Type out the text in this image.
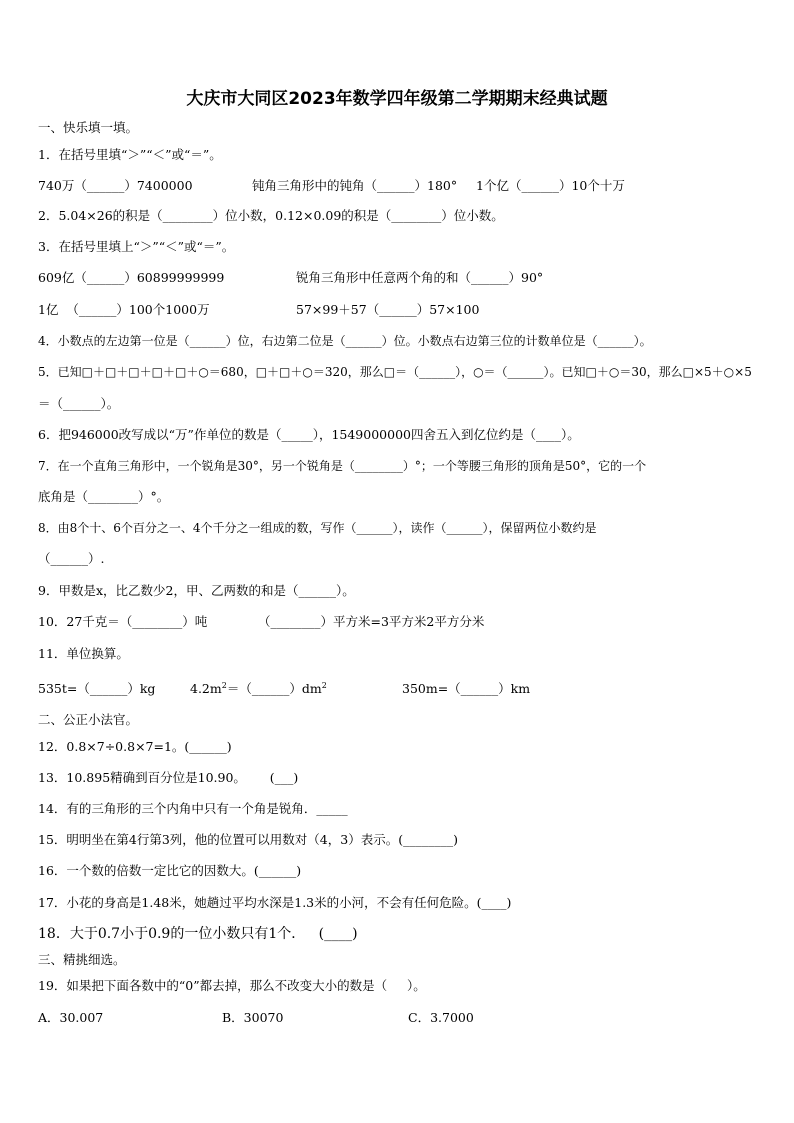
大庆市大同区2023年数学四年级第二学期期末经典试题
一、快乐填一填。
1．在括号里填“＞”“＜”或“＝”。
740万（______）7400000	钝角三角形中的钝角（______）180° 1个亿（______）10个十万
2．5.04×26的积是（________）位小数，0.12×0.09的积是（________）位小数。
3．在括号里填上“＞”“＜”或“＝”。
609亿（______）60899999999	锐角三角形中任意两个角的和（______）90°
1亿  （______）100个1000万	57×99＋57（______）57×100
4．小数点的左边第一位是（______）位，右边第二位是（______）位。小数点右边第三位的计数单位是（______）。
5．已知□＋□＋□＋□＋□＋○＝680，□＋□＋○＝320，那么□＝（______），○＝（______）。已知□＋○＝30，那么□×5＋○×5
＝（______）。
6．把946000改写成以“万”作单位的数是（_____），1549000000四舍五入到亿位约是（____）。
7．在一个直角三角形中，一个锐角是30°，另一个锐角是（________）°；一个等腰三角形的顶角是50°，它的一个
底角是（________）°。
8．由8个十、6个百分之一、4个千分之一组成的数，写作（______），读作（______），保留两位小数约是
（______）.
9．甲数是x，比乙数少2，甲、乙两数的和是（______）。
10．27千克＝（________）吨	（________）平方米=3平方米2平方分米
11．单位换算。
535t=（______）kg	$4.2m^2=(\_\_\_\_\_\_)dm^2$	350m=（______）km
二、公正小法官。
12．0.8×7÷0.8×7=1。(______)
13．10.895精确到百分位是10.90。      (___)
14．有的三角形的三个内角中只有一个角是锐角．_____
15．明明坐在第4行第3列，他的位置可以用数对（4，3）表示。(________)
16．一个数的倍数一定比它的因数大。(______)
17．小花的身高是1.48米，她趟过平均水深是1.3米的小河，不会有任何危险。(____)
18．大于0.7小于0.9的一位小数只有1个．   (____)
三、精挑细选。
19．如果把下面各数中的“0”都去掉，那么不改变大小的数是（     ）。
A．30.007	B．30070	C．3.7000
